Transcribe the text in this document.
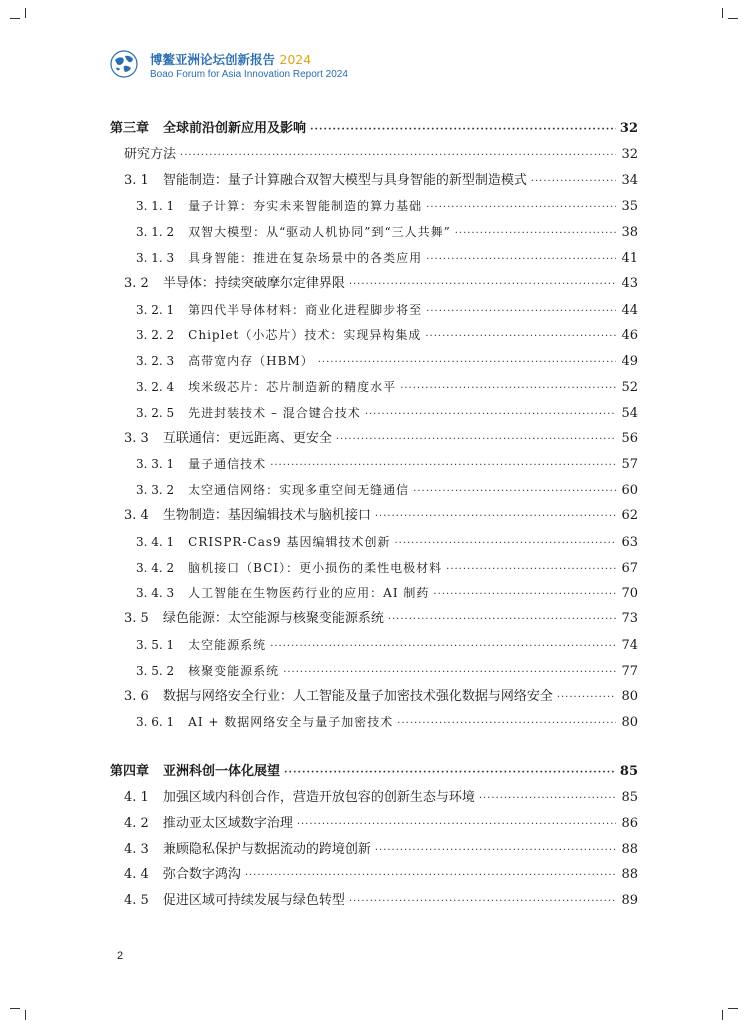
博鳌亚洲论坛创新报告 2024
Boao Forum for Asia Innovation Report 2024
第三章 全球前沿创新应用及影响 ·····	32
研究方法 ·····	32
3. 1 智能制造：量子计算融合双智大模型与具身智能的新型制造模式 ·····	34
3. 1. 1 量子计算：夯实未来智能制造的算力基础 ·····	35
3. 1. 2 双智大模型：从“驱动人机协同”到“三人共舞” ·····	38
3. 1. 3 具身智能：推进在复杂场景中的各类应用 ·····	41
3. 2 半导体：持续突破摩尔定律界限 ·····	43
3. 2. 1 第四代半导体材料：商业化进程脚步将至 ·····	44
3. 2. 2 Chiplet（小芯片）技术：实现异构集成 ·····	46
3. 2. 3 高带宽内存（HBM） ·····	49
3. 2. 4 埃米级芯片：芯片制造新的精度水平 ·····	52
3. 2. 5 先进封装技术 – 混合键合技术 ·····	54
3. 3 互联通信：更远距离、更安全 ·····	56
3. 3. 1 量子通信技术 ·····	57
3. 3. 2 太空通信网络：实现多重空间无缝通信 ·····	60
3. 4 生物制造：基因编辑技术与脑机接口 ·····	62
3. 4. 1 CRISPR-Cas9 基因编辑技术创新 ·····	63
3. 4. 2 脑机接口（BCI）：更小损伤的柔性电极材料 ·····	67
3. 4. 3 人工智能在生物医药行业的应用：AI 制药 ·····	70
3. 5 绿色能源：太空能源与核聚变能源系统 ·····	73
3. 5. 1 太空能源系统 ·····	74
3. 5. 2 核聚变能源系统 ·····	77
3. 6 数据与网络安全行业：人工智能及量子加密技术强化数据与网络安全 ·····	80
3. 6. 1 AI + 数据网络安全与量子加密技术 ·····	80
第四章 亚洲科创一体化展望 ·····	85
4. 1 加强区域内科创合作，营造开放包容的创新生态与环境 ·····	85
4. 2 推动亚太区域数字治理 ·····	86
4. 3 兼顾隐私保护与数据流动的跨境创新 ·····	88
4. 4 弥合数字鸿沟 ·····	88
4. 5 促进区域可持续发展与绿色转型 ·····	89
2
